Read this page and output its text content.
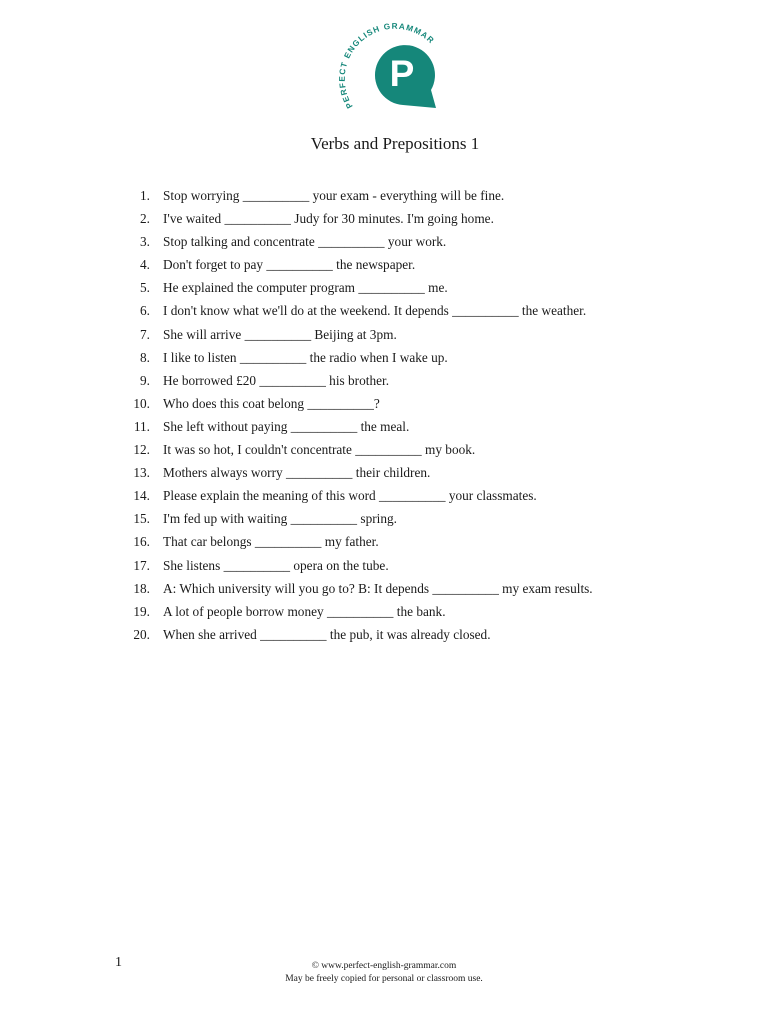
PERFECT ENGLISH GRAMMAR
P
Verbs and Prepositions 1
1. Stop worrying __________ your exam - everything will be fine.
2. I've waited __________ Judy for 30 minutes. I'm going home.
3. Stop talking and concentrate __________ your work.
4. Don't forget to pay __________ the newspaper.
5. He explained the computer program __________ me.
6. I don't know what we'll do at the weekend. It depends __________ the weather.
7. She will arrive __________ Beijing at 3pm.
8. I like to listen __________ the radio when I wake up.
9. He borrowed £20 __________ his brother.
10. Who does this coat belong __________?
11. She left without paying __________ the meal.
12. It was so hot, I couldn't concentrate __________ my book.
13. Mothers always worry __________ their children.
14. Please explain the meaning of this word __________ your classmates.
15. I'm fed up with waiting __________ spring.
16. That car belongs __________ my father.
17. She listens __________ opera on the tube.
18. A: Which university will you go to? B: It depends __________ my exam results.
19. A lot of people borrow money __________ the bank.
20. When she arrived __________ the pub, it was already closed.
1	© www.perfect-english-grammar.com
May be freely copied for personal or classroom use.
